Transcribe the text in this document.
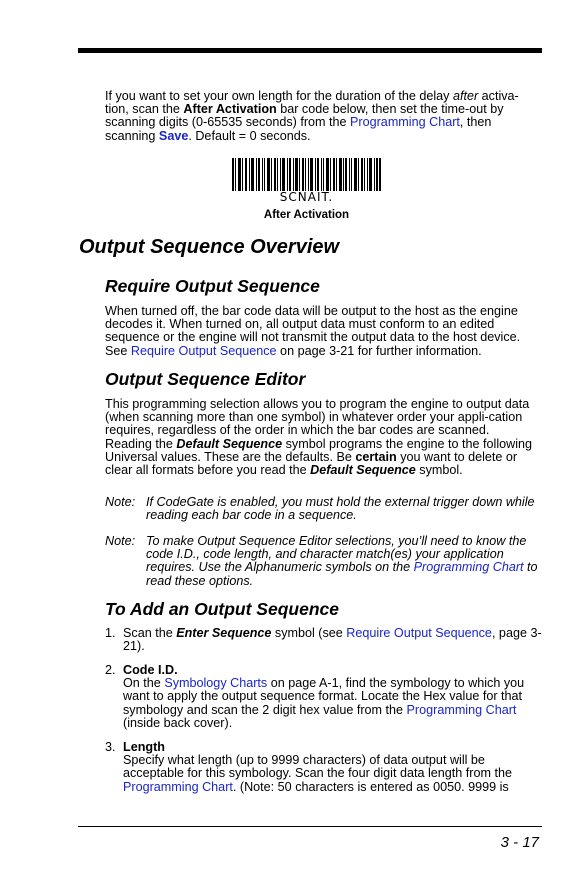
If you want to set your own length for the duration of the delay after activa-tion, scan the After Activation bar code below, then set the time-out by scanning digits (0-65535 seconds) from the Programming Chart, then scanning Save. Default = 0 seconds.
SCNAIT.
After Activation
Output Sequence Overview
Require Output Sequence
When turned off, the bar code data will be output to the host as the engine decodes it. When turned on, all output data must conform to an edited sequence or the engine will not transmit the output data to the host device. See Require Output Sequence on page 3-21 for further information.
Output Sequence Editor
This programming selection allows you to program the engine to output data (when scanning more than one symbol) in whatever order your appli-cation requires, regardless of the order in which the bar codes are scanned. Reading the Default Sequence symbol programs the engine to the following Universal values. These are the defaults. Be certain you want to delete or clear all formats before you read the Default Sequence symbol.
Note: If CodeGate is enabled, you must hold the external trigger down while reading each bar code in a sequence.
Note: To make Output Sequence Editor selections, you’ll need to know the code I.D., code length, and character match(es) your application requires. Use the Alphanumeric symbols on the Programming Chart to read these options.
To Add an Output Sequence
1. Scan the Enter Sequence symbol (see Require Output Sequence, page 3-21).
2. Code I.D.
On the Symbology Charts on page A-1, find the symbology to which you want to apply the output sequence format. Locate the Hex value for that symbology and scan the 2 digit hex value from the Programming Chart (inside back cover).
3. Length
Specify what length (up to 9999 characters) of data output will be acceptable for this symbology. Scan the four digit data length from the Programming Chart. (Note: 50 characters is entered as 0050. 9999 is
3 - 17
